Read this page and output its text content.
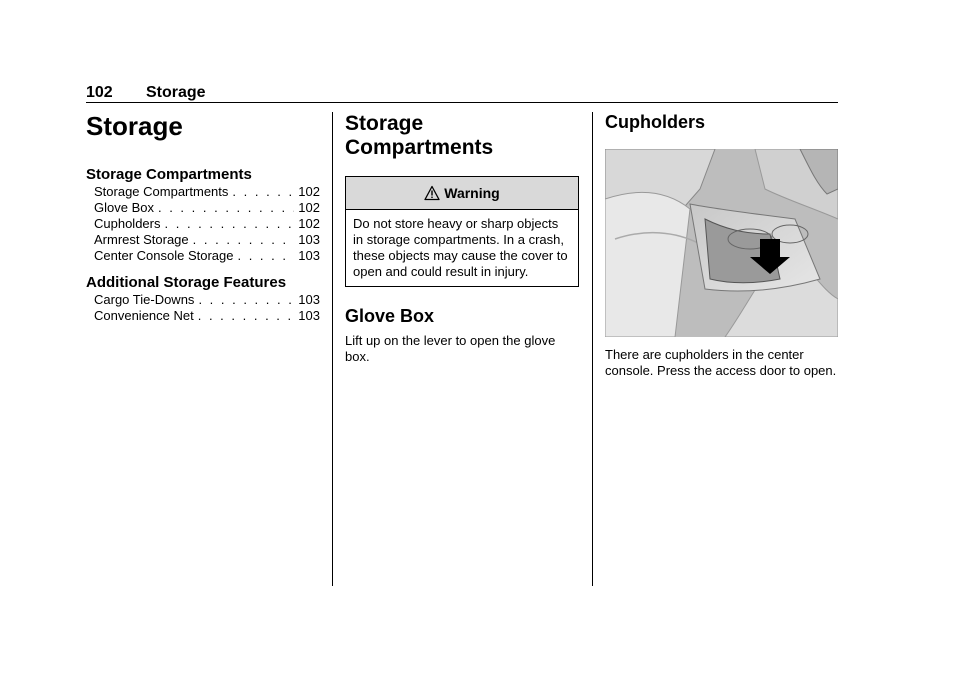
102 Storage
Storage
Storage Compartments
Storage Compartments . . .	102
Glove Box . . .	102
Cupholders . . .	102
Armrest Storage . . .	103
Center Console Storage . . .	103
Additional Storage Features
Cargo Tie-Downs . . .	103
Convenience Net . . .	103
Storage
Compartments
Warning
Do not store heavy or sharp objects in storage compartments. In a crash, these objects may cause the cover to open and could result in injury.
Glove Box

Lift up on the lever to open the glove box.

Cupholders

There are cupholders in the center console. Press the access door to open.
